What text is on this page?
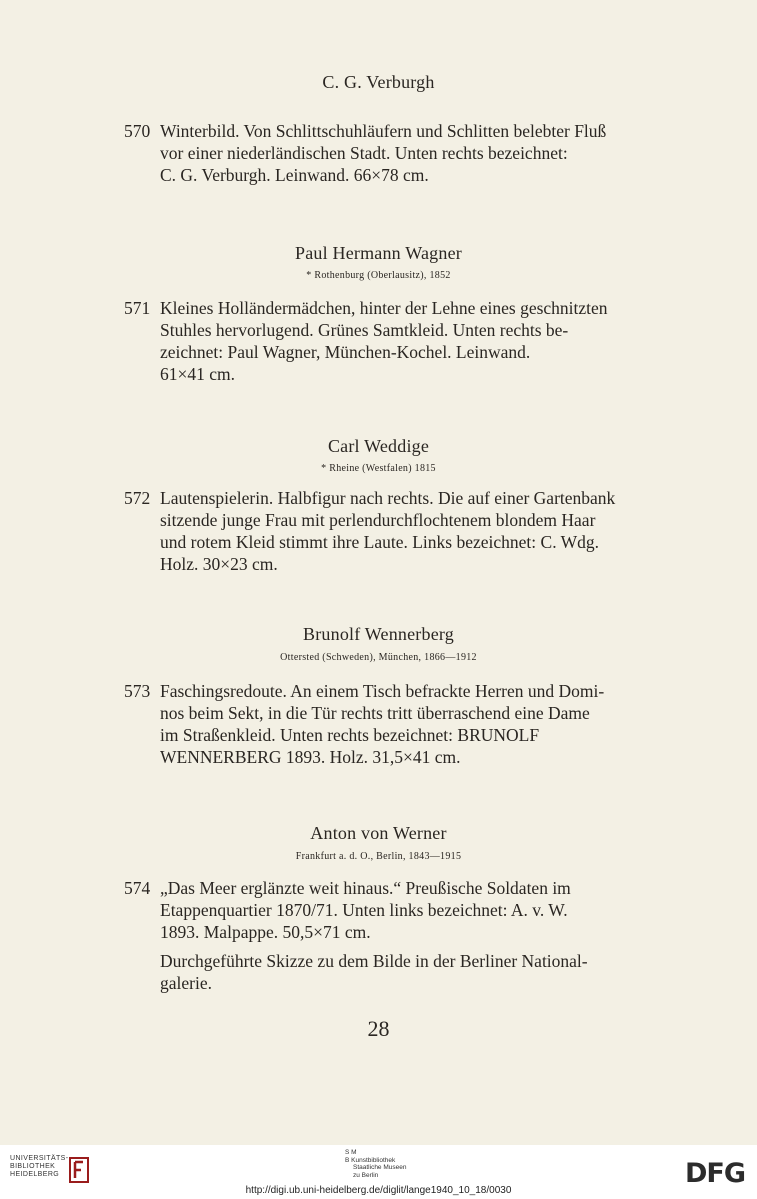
C. G. Verburgh
570 Winterbild. Von Schlittschuhläufern und Schlitten belebter Fluß
vor einer niederländischen Stadt. Unten rechts bezeichnet:
C. G. Verburgh. Leinwand. 66×78 cm.
Paul Hermann Wagner
* Rothenburg (Oberlausitz), 1852
571 Kleines Holländermädchen, hinter der Lehne eines geschnitzten
Stuhles hervorlugend. Grünes Samtkleid. Unten rechts be-
zeichnet: Paul Wagner, München-Kochel. Leinwand.
61×41 cm.
Carl Weddige
* Rheine (Westfalen) 1815
572 Lautenspielerin. Halbfigur nach rechts. Die auf einer Gartenbank
sitzende junge Frau mit perlendurchflochtenem blondem Haar
und rotem Kleid stimmt ihre Laute. Links bezeichnet: C. Wdg.
Holz. 30×23 cm.
Brunolf Wennerberg
Ottersted (Schweden), München, 1866—1912
573 Faschingsredoute. An einem Tisch befrackte Herren und Domi-
nos beim Sekt, in die Tür rechts tritt überraschend eine Dame
im Straßenkleid. Unten rechts bezeichnet: BRUNOLF
WENNERBERG 1893. Holz. 31,5×41 cm.
Anton von Werner
Frankfurt a. d. O., Berlin, 1843—1915
574 „Das Meer erglänzte weit hinaus.“ Preußische Soldaten im
Etappenquartier 1870/71. Unten links bezeichnet: A. v. W.
1893. Malpappe. 50,5×71 cm.
Durchgeführte Skizze zu dem Bilde in der Berliner National-
galerie.
28
UNIVERSITÄTS-
BIBLIOTHEK
HEIDELBERG
S M
B Kunstbibliothek
Staatliche Museen
zu Berlin	DFG
http://digi.ub.uni-heidelberg.de/diglit/lange1940_10_18/0030
